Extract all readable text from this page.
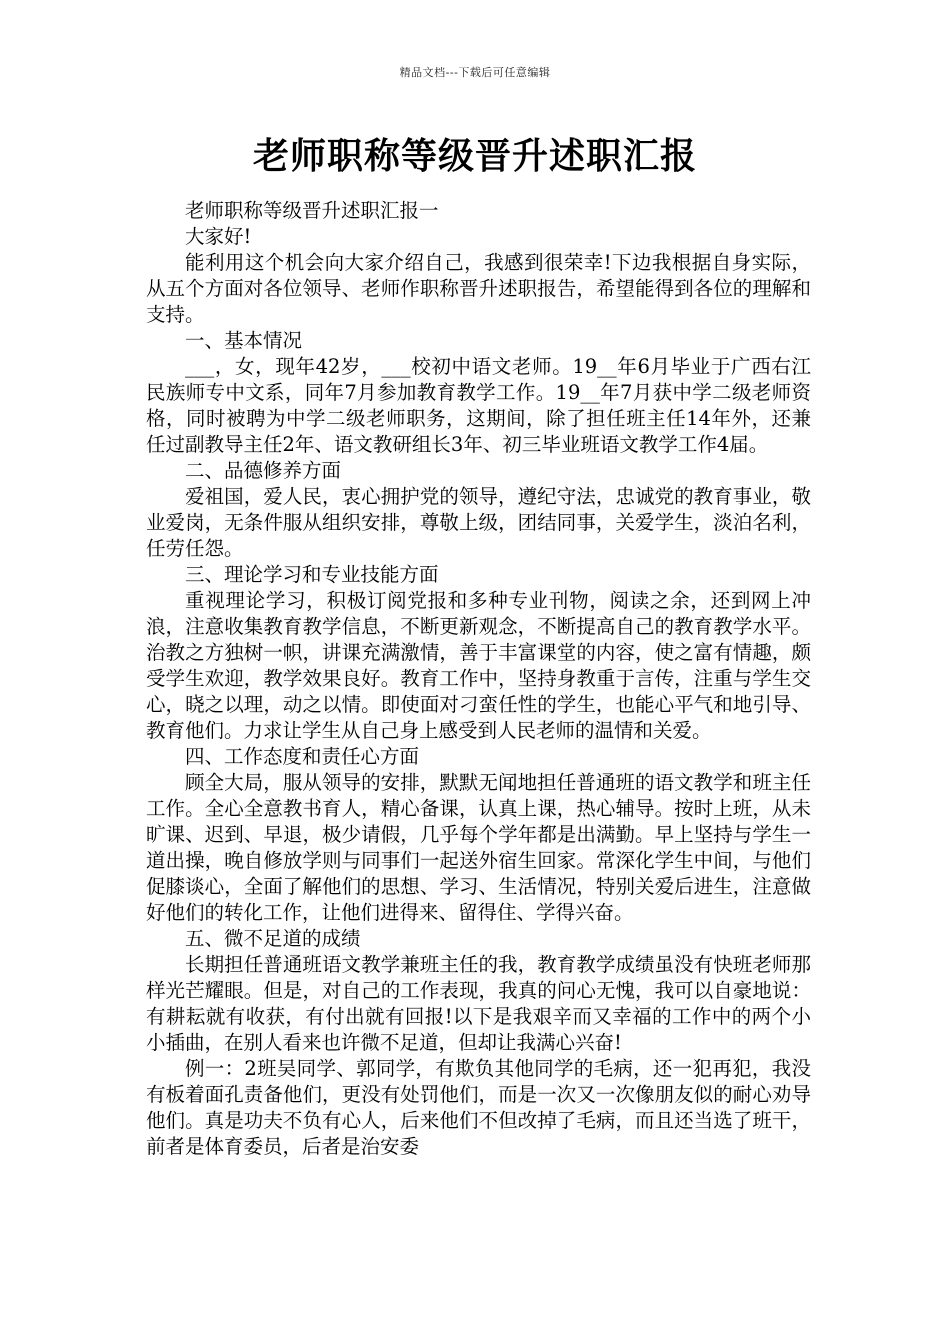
精品文档---下载后可任意编辑
老师职称等级晋升述职汇报

老师职称等级晋升述职汇报一

大家好!

能利用这个机会向大家介绍自己，我感到很荣幸!下边我根据自身实际，从五个方面对各位领导、老师作职称晋升述职报告，希望能得到各位的理解和支持。

一、基本情况

___，女，现年42岁，___校初中语文老师。19__年6月毕业于广西右江民族师专中文系，同年7月参加教育教学工作。19__年7月获中学二级老师资格，同时被聘为中学二级老师职务，这期间，除了担任班主任14年外，还兼任过副教导主任2年、语文教研组长3年、初三毕业班语文教学工作4届。

二、品德修养方面

爱祖国，爱人民，衷心拥护党的领导，遵纪守法，忠诚党的教育事业，敬业爱岗，无条件服从组织安排，尊敬上级，团结同事，关爱学生，淡泊名利，任劳任怨。

三、理论学习和专业技能方面

重视理论学习，积极订阅党报和多种专业刊物，阅读之余，还到网上冲浪，注意收集教育教学信息，不断更新观念，不断提高自己的教育教学水平。治教之方独树一帜，讲课充满激情，善于丰富课堂的内容，使之富有情趣，颇受学生欢迎，教学效果良好。教育工作中，坚持身教重于言传，注重与学生交心，晓之以理，动之以情。即使面对刁蛮任性的学生，也能心平气和地引导、教育他们。力求让学生从自己身上感受到人民老师的温情和关爱。

四、工作态度和责任心方面

顾全大局，服从领导的安排，默默无闻地担任普通班的语文教学和班主任工作。全心全意教书育人，精心备课，认真上课，热心辅导。按时上班，从未旷课、迟到、早退，极少请假，几乎每个学年都是出满勤。早上坚持与学生一道出操，晚自修放学则与同事们一起送外宿生回家。常深化学生中间，与他们促膝谈心，全面了解他们的思想、学习、生活情况，特别关爱后进生，注意做好他们的转化工作，让他们进得来、留得住、学得兴奋。

五、微不足道的成绩

长期担任普通班语文教学兼班主任的我，教育教学成绩虽没有快班老师那样光芒耀眼。但是，对自己的工作表现，我真的问心无愧，我可以自豪地说：有耕耘就有收获，有付出就有回报!以下是我艰辛而又幸福的工作中的两个小小插曲，在别人看来也许微不足道，但却让我满心兴奋!

例一：2班吴同学、郭同学，有欺负其他同学的毛病，还一犯再犯，我没有板着面孔责备他们，更没有处罚他们，而是一次又一次像朋友似的耐心劝导他们。真是功夫不负有心人，后来他们不但改掉了毛病，而且还当选了班干，前者是体育委员，后者是治安委
